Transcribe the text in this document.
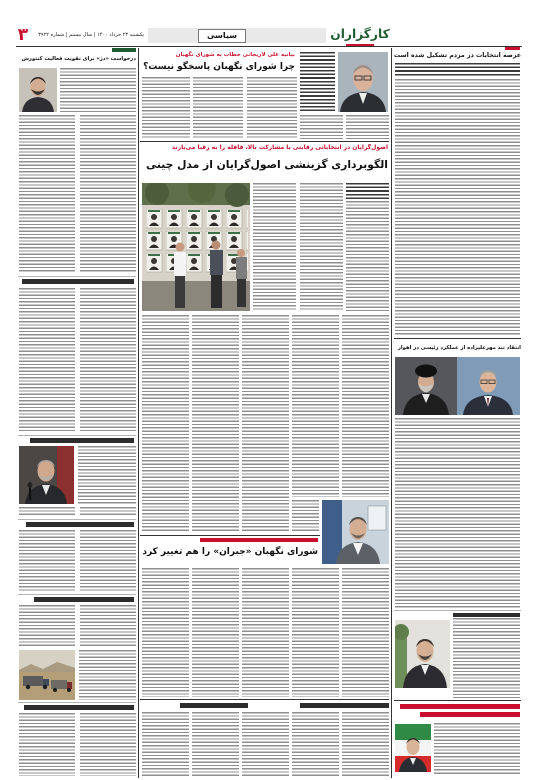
۳	یکشنبه ۲۳ خرداد ۱۴۰۰ | سال بیستم | شماره ۳۹۲۲	سیاسی	کارگزاران
عرصه انتخابات در مردم تشکیل شده است
انتقاد تند مهرعلیزاده از عملکرد رئیسی در اهواز
بیانیه علی لاریجانی خطاب به شورای نگهبان
چرا شورای نگهبان پاسخگو نیست؟
اصول‌گرایان در انتخاباتی رقابتی با مشارکت بالا، قافله را به رقبا می‌بازند
الگوبرداری گزینشی اصول‌گرایان از مدل چینی
شورای نگهبان «جبران» را هم تغییر کرد
درخواست «دژ» برای تقویت فعالیت کنتورش
